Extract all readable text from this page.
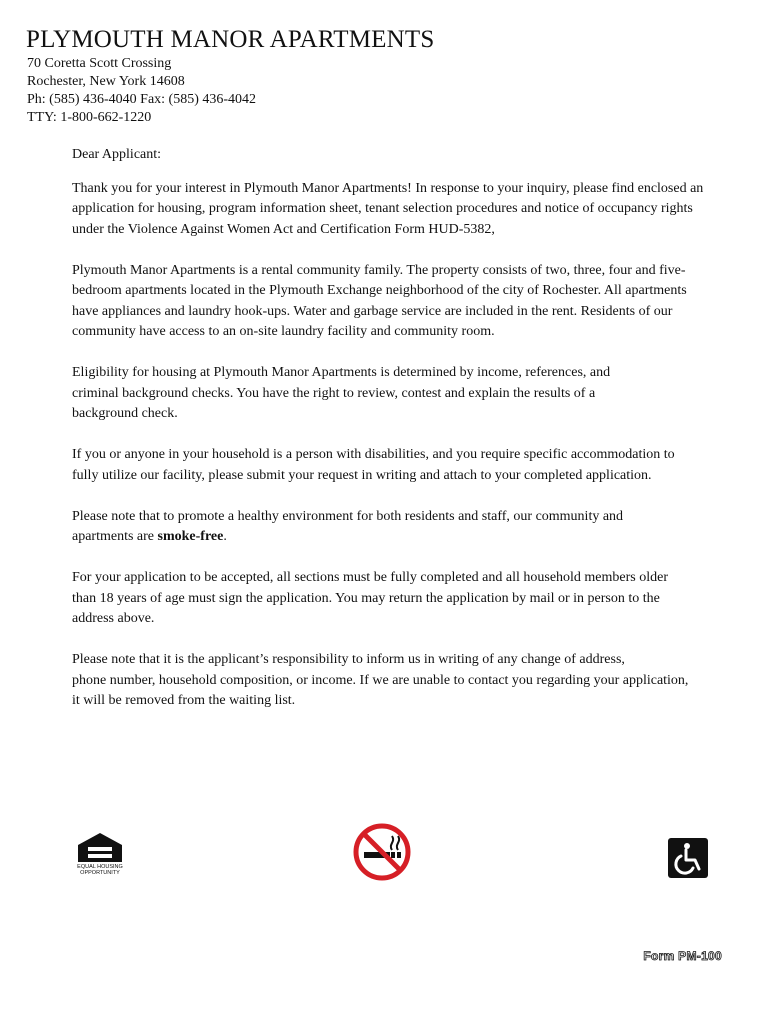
PLYMOUTH MANOR APARTMENTS
70 Coretta Scott Crossing
Rochester, New York 14608
Ph: (585) 436-4040 Fax: (585) 436-4042
TTY: 1-800-662-1220

Dear Applicant:

Thank you for your interest in Plymouth Manor Apartments! In response to your inquiry, please find enclosed an
application for housing, program information sheet, tenant selection procedures and notice of occupancy rights
under the Violence Against Women Act and Certification Form HUD-5382,

Plymouth Manor Apartments is a rental community family. The property consists of two, three, four and five-
bedroom apartments located in the Plymouth Exchange neighborhood of the city of Rochester. All apartments
have appliances and laundry hook-ups. Water and garbage service are included in the rent. Residents of our
community have access to an on-site laundry facility and community room.

Eligibility for housing at Plymouth Manor Apartments is determined by income, references, and
criminal background checks. You have the right to review, contest and explain the results of a
background check.

If you or anyone in your household is a person with disabilities, and you require specific accommodation to
fully utilize our facility, please submit your request in writing and attach to your completed application.

Please note that to promote a healthy environment for both residents and staff, our community and
apartments are smoke-free.

For your application to be accepted, all sections must be fully completed and all household members older
than 18 years of age must sign the application. You may return the application by mail or in person to the
address above.

Please note that it is the applicant’s responsibility to inform us in writing of any change of address,
phone number, household composition, or income. If we are unable to contact you regarding your application,
it will be removed from the waiting list.

EQUAL HOUSING
OPPORTUNITY
Form PM-100
